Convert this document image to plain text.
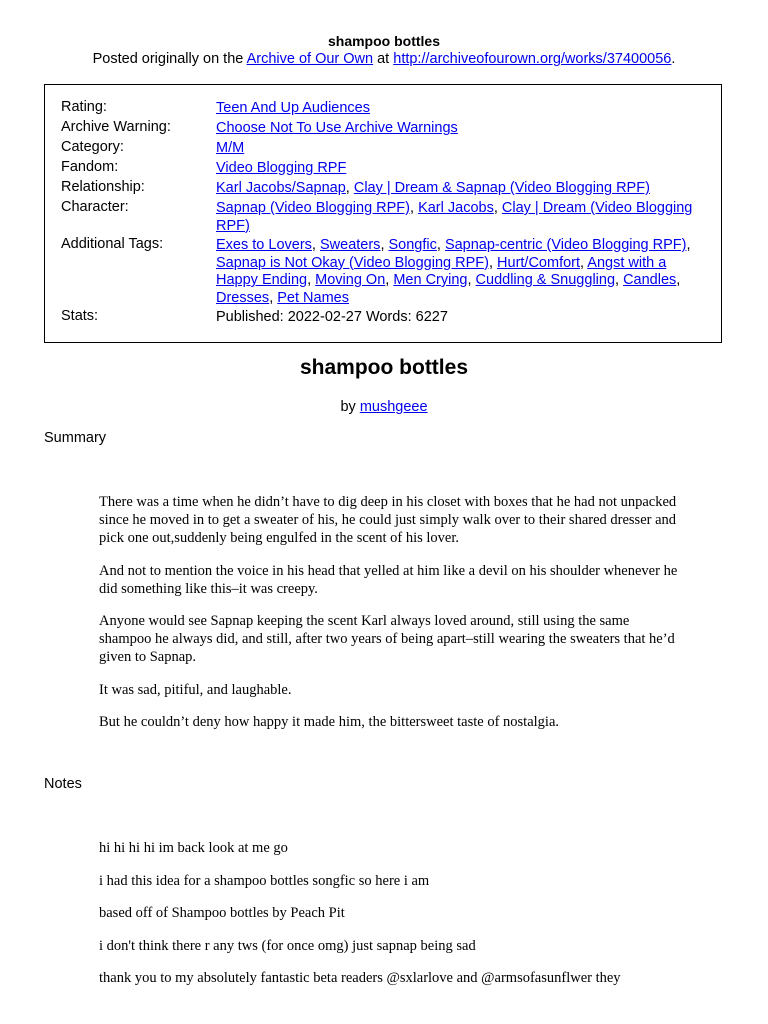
shampoo bottles
Posted originally on the Archive of Our Own at http://archiveofourown.org/works/37400056.
Rating:	Teen And Up Audiences
Archive Warning:	Choose Not To Use Archive Warnings
Category:	M/M
Fandom:	Video Blogging RPF
Relationship:	Karl Jacobs/Sapnap, Clay | Dream & Sapnap (Video Blogging RPF)
Character:	Sapnap (Video Blogging RPF), Karl Jacobs, Clay | Dream (Video Blogging RPF)
Additional Tags:	Exes to Lovers, Sweaters, Songfic, Sapnap-centric (Video Blogging RPF), Sapnap is Not Okay (Video Blogging RPF), Hurt/Comfort, Angst with a Happy Ending, Moving On, Men Crying, Cuddling & Snuggling, Candles, Dresses, Pet Names
Stats:	Published: 2022-02-27 Words: 6227
shampoo bottles
by mushgeee
Summary

There was a time when he didn’t have to dig deep in his closet with boxes that he had not unpacked since he moved in to get a sweater of his, he could just simply walk over to their shared dresser and pick one out,suddenly being engulfed in the scent of his lover.

And not to mention the voice in his head that yelled at him like a devil on his shoulder whenever he did something like this–it was creepy.

Anyone would see Sapnap keeping the scent Karl always loved around, still using the same shampoo he always did, and still, after two years of being apart–still wearing the sweaters that he’d given to Sapnap.

It was sad, pitiful, and laughable.

But he couldn’t deny how happy it made him, the bittersweet taste of nostalgia.

Notes

hi hi hi hi im back look at me go

i had this idea for a shampoo bottles songfic so here i am

based off of Shampoo bottles by Peach Pit

i don't think there r any tws (for once omg) just sapnap being sad

thank you to my absolutely fantastic beta readers @sxlarlove and @armsofasunflwer they
